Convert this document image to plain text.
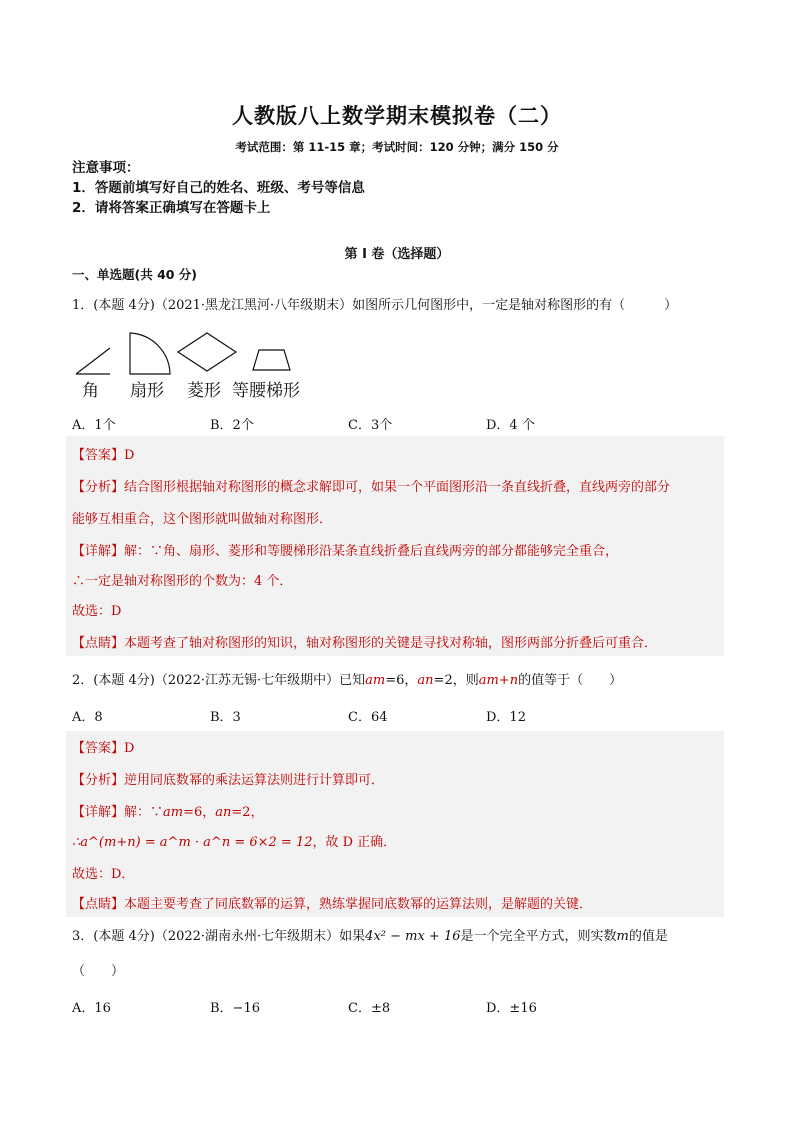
人教版八上数学期末模拟卷（二）
考试范围：第 11-15 章；考试时间：120 分钟；满分 150 分
注意事项：
1．答题前填写好自己的姓名、班级、考号等信息
2．请将答案正确填写在答题卡上
第 I 卷（选择题）
一、单选题(共 40 分)
1．(本题 4分)（2021·黑龙江黑河·八年级期末）如图所示几何图形中，一定是轴对称图形的有（　　　）
角 扇形 菱形 等腰梯形
A．1个	B．2个	C．3个	D．4 个
【答案】D
【分析】结合图形根据轴对称图形的概念求解即可，如果一个平面图形沿一条直线折叠，直线两旁的部分
能够互相重合，这个图形就叫做轴对称图形．
【详解】解：∵角、扇形、菱形和等腰梯形沿某条直线折叠后直线两旁的部分都能够完全重合，
∴一定是轴对称图形的个数为：4 个．
故选：D
【点睛】本题考查了轴对称图形的知识，轴对称图形的关键是寻找对称轴，图形两部分折叠后可重合．
2．(本题 4分)（2022·江苏无锡·七年级期中）已知am=6，an=2，则am+n的值等于（　　）
A．8	B．3	C．64	D．12
【答案】D
【分析】逆用同底数幂的乘法运算法则进行计算即可．
【详解】解：∵am=6，an=2，
∴a^(m+n) = a^m · a^n = 6×2 = 12，故 D 正确．
故选：D．
【点睛】本题主要考查了同底数幂的运算，熟练掌握同底数幂的运算法则，是解题的关键．
3．(本题 4分)（2022·湖南永州·七年级期末）如果4x² − mx + 16是一个完全平方式，则实数m的值是
（　　）
A．16	B．−16	C．±8	D．±16
